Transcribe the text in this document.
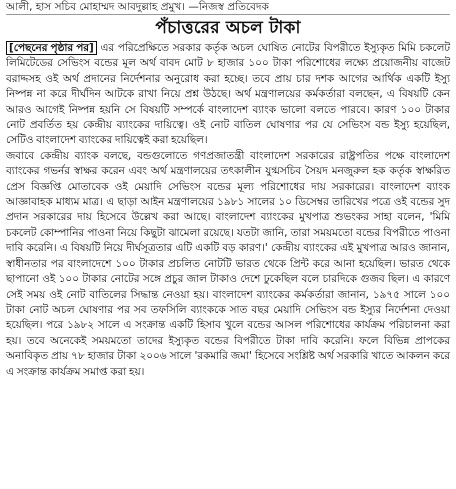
আলী, হাস সচিব মোহাম্মদ আবদুল্লাহ প্রমুখ। —নিজস্ব প্রতিবেদক
পঁচাত্তরের অচল টাকা

[পেছনের পৃষ্ঠার পর] এর পরিপ্রেক্ষিতে সরকার কর্তৃক অচল ঘোষিত নোটের বিপরীতে ইস্যুকৃত মিমি চকলেট লিমিটেডের সেভিংস বন্ডের মূল অর্থ বাবদ মোট ৮ হাজার ১০০ টাকা পরিশোধের লক্ষ্যে প্রয়োজনীয় বাজেট বরাদ্দসহ ওই অর্থ প্রদানের নির্দেশনার অনুরোধ করা হচ্ছে। তবে প্রায় চার দশক আগের আর্থিক একটি ইস্যু নিষ্পন্ন না করে দীর্ঘদিন আটকে রাখা নিয়ে প্রশ্ন উঠছে। অর্থ মন্ত্রণালয়ের কর্মকর্তারা বলছেন, এ বিষয়টি কেন আরও আগেই নিষ্পন্ন হয়নি সে বিষয়টি সম্পর্কে বাংলাদেশ ব্যাংক ভালো বলতে পারবে। কারণ ১০০ টাকার নোট প্রবর্তিত হয় কেন্দ্রীয় ব্যাংকের দায়িত্বে। ওই নোট বাতিল ঘোষণার পর যে সেভিংস বন্ড ইস্যু হয়েছিল, সেটিও বাংলাদেশ ব্যাংকের দায়িত্বেই করা হয়েছিল।

জবাবে কেন্দ্রীয় ব্যাংক বলছে, বন্ডগুলোতে গণপ্রজাতন্ত্রী বাংলাদেশ সরকারের রাষ্ট্রপতির পক্ষে বাংলাদেশ ব্যাংকের গভর্নর স্বাক্ষর করেন এবং অর্থ মন্ত্রণালয়ের তৎকালীন যুগ্মসচিব সৈয়দ মনজুরুল হক কর্তৃক স্বাক্ষরিত প্রেস বিজ্ঞপ্তি মোতাবেক ওই মেয়াদি সেভিংস বন্ডের মূল্য পরিশোধের দায় সরকারের। বাংলাদেশ ব্যাংক আজ্ঞাবাহক মাধ্যম মাত্র। এ ছাড়া আইন মন্ত্রণালয়ের ১৯৮১ সালের ১০ ডিসেম্বর তারিখের পত্রে ওই বন্ডের সুদ প্রদান সরকারের দায় হিসেবে উল্লেখ করা আছে। বাংলাদেশ ব্যাংকের মুখপাত্র শুভংকর সাহা বলেন, 'মিমি চকলেট কোম্পানির পাওনা নিয়ে কিছুটা ঝামেলা রয়েছে। যতটা জানি, তারা সময়মতো বন্ডের বিপরীতে পাওনা দাবি করেনি। এ বিষয়টি নিয়ে দীর্ঘসূত্রতার এটি একটি বড় কারণ।' কেন্দ্রীয় ব্যাংকের এই মুখপাত্র আরও জানান, স্বাধীনতার পর বাংলাদেশে ১০০ টাকার প্রচলিত নোটটি ভারত থেকে প্রিন্ট করে আনা হয়েছিল। ভারত থেকে ছাপানো ওই ১০০ টাকার নোটের সঙ্গে প্রচুর জাল টাকাও দেশে ঢুকেছিল বলে চারদিকে গুজব ছিল। এ কারণে সেই সময় ওই নোট বাতিলের সিদ্ধান্ত নেওয়া হয়। বাংলাদেশ ব্যাংকের কর্মকর্তারা জানান, ১৯৭৫ সালে ১০০ টাকা নোট অচল ঘোষণার পর সব তফসিলি ব্যাংককে সাত বছর মেয়াদি সেভিংস বন্ড ইস্যুর নির্দেশনা দেওয়া হয়েছিল। পরে ১৯৮২ সালে এ সংক্রান্ত একটি হিসাব খুলে বন্ডের আসল পরিশোধের কার্যক্রম পরিচালনা করা হয়। তবে অনেকেই সময়মতো তাদের ইস্যুকৃত বন্ডের বিপরীতে টাকা দাবি করেনি। ফলে বিভিন্ন প্রাপকের অনাবিকৃত প্রায় ৭৮ হাজার টাকা ২০০৬ সালে 'রকমারি জমা' হিসেবে সংশ্লিষ্ট অর্থ সরকারি খাতে আকলন করে এ সংক্রান্ত কার্যক্রম সমাপ্ত করা হয়।
